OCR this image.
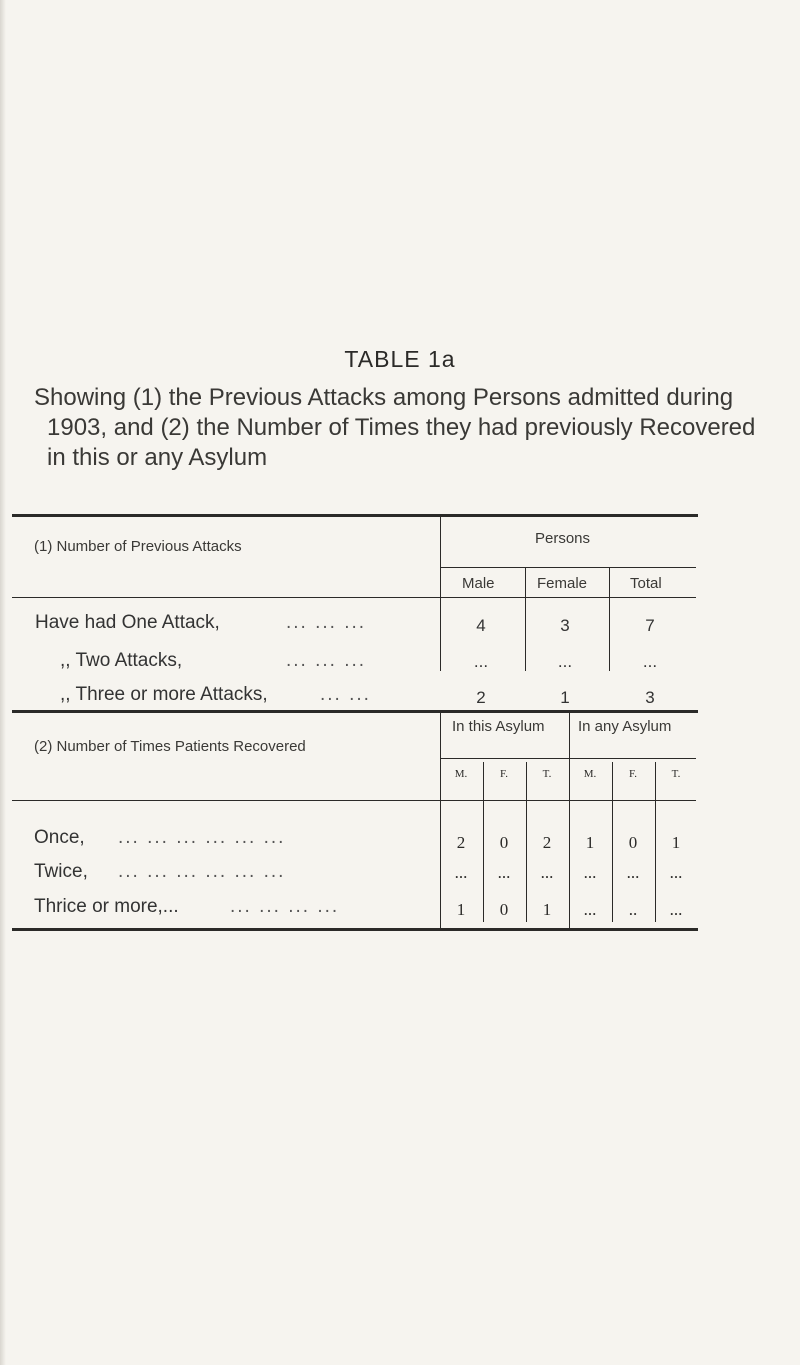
TABLE 1a
Showing (1) the Previous Attacks among Persons admitted during 1903, and (2) the Number of Times they had previously Recovered in this or any Asylum
(1) Number of Previous Attacks	Persons
Male	Female	Total
Have had One Attack,	... ... ...	4	3	7
,, Two Attacks,	... ... ...	...	...	...
,, Three or more Attacks,	... ...	2	1	3
(2) Number of Times Patients Recovered
In this Asylum In any Asylum
M.	F.	T.	M.	F.	T.
Once, ... ... ... ... ... ...	2	0	2	1	0	1
Twice, ... ... ... ... ... ...	...	...	...	...	...	...
Thrice or more,...	... ... ... ...	1	0	1	...	..	...
